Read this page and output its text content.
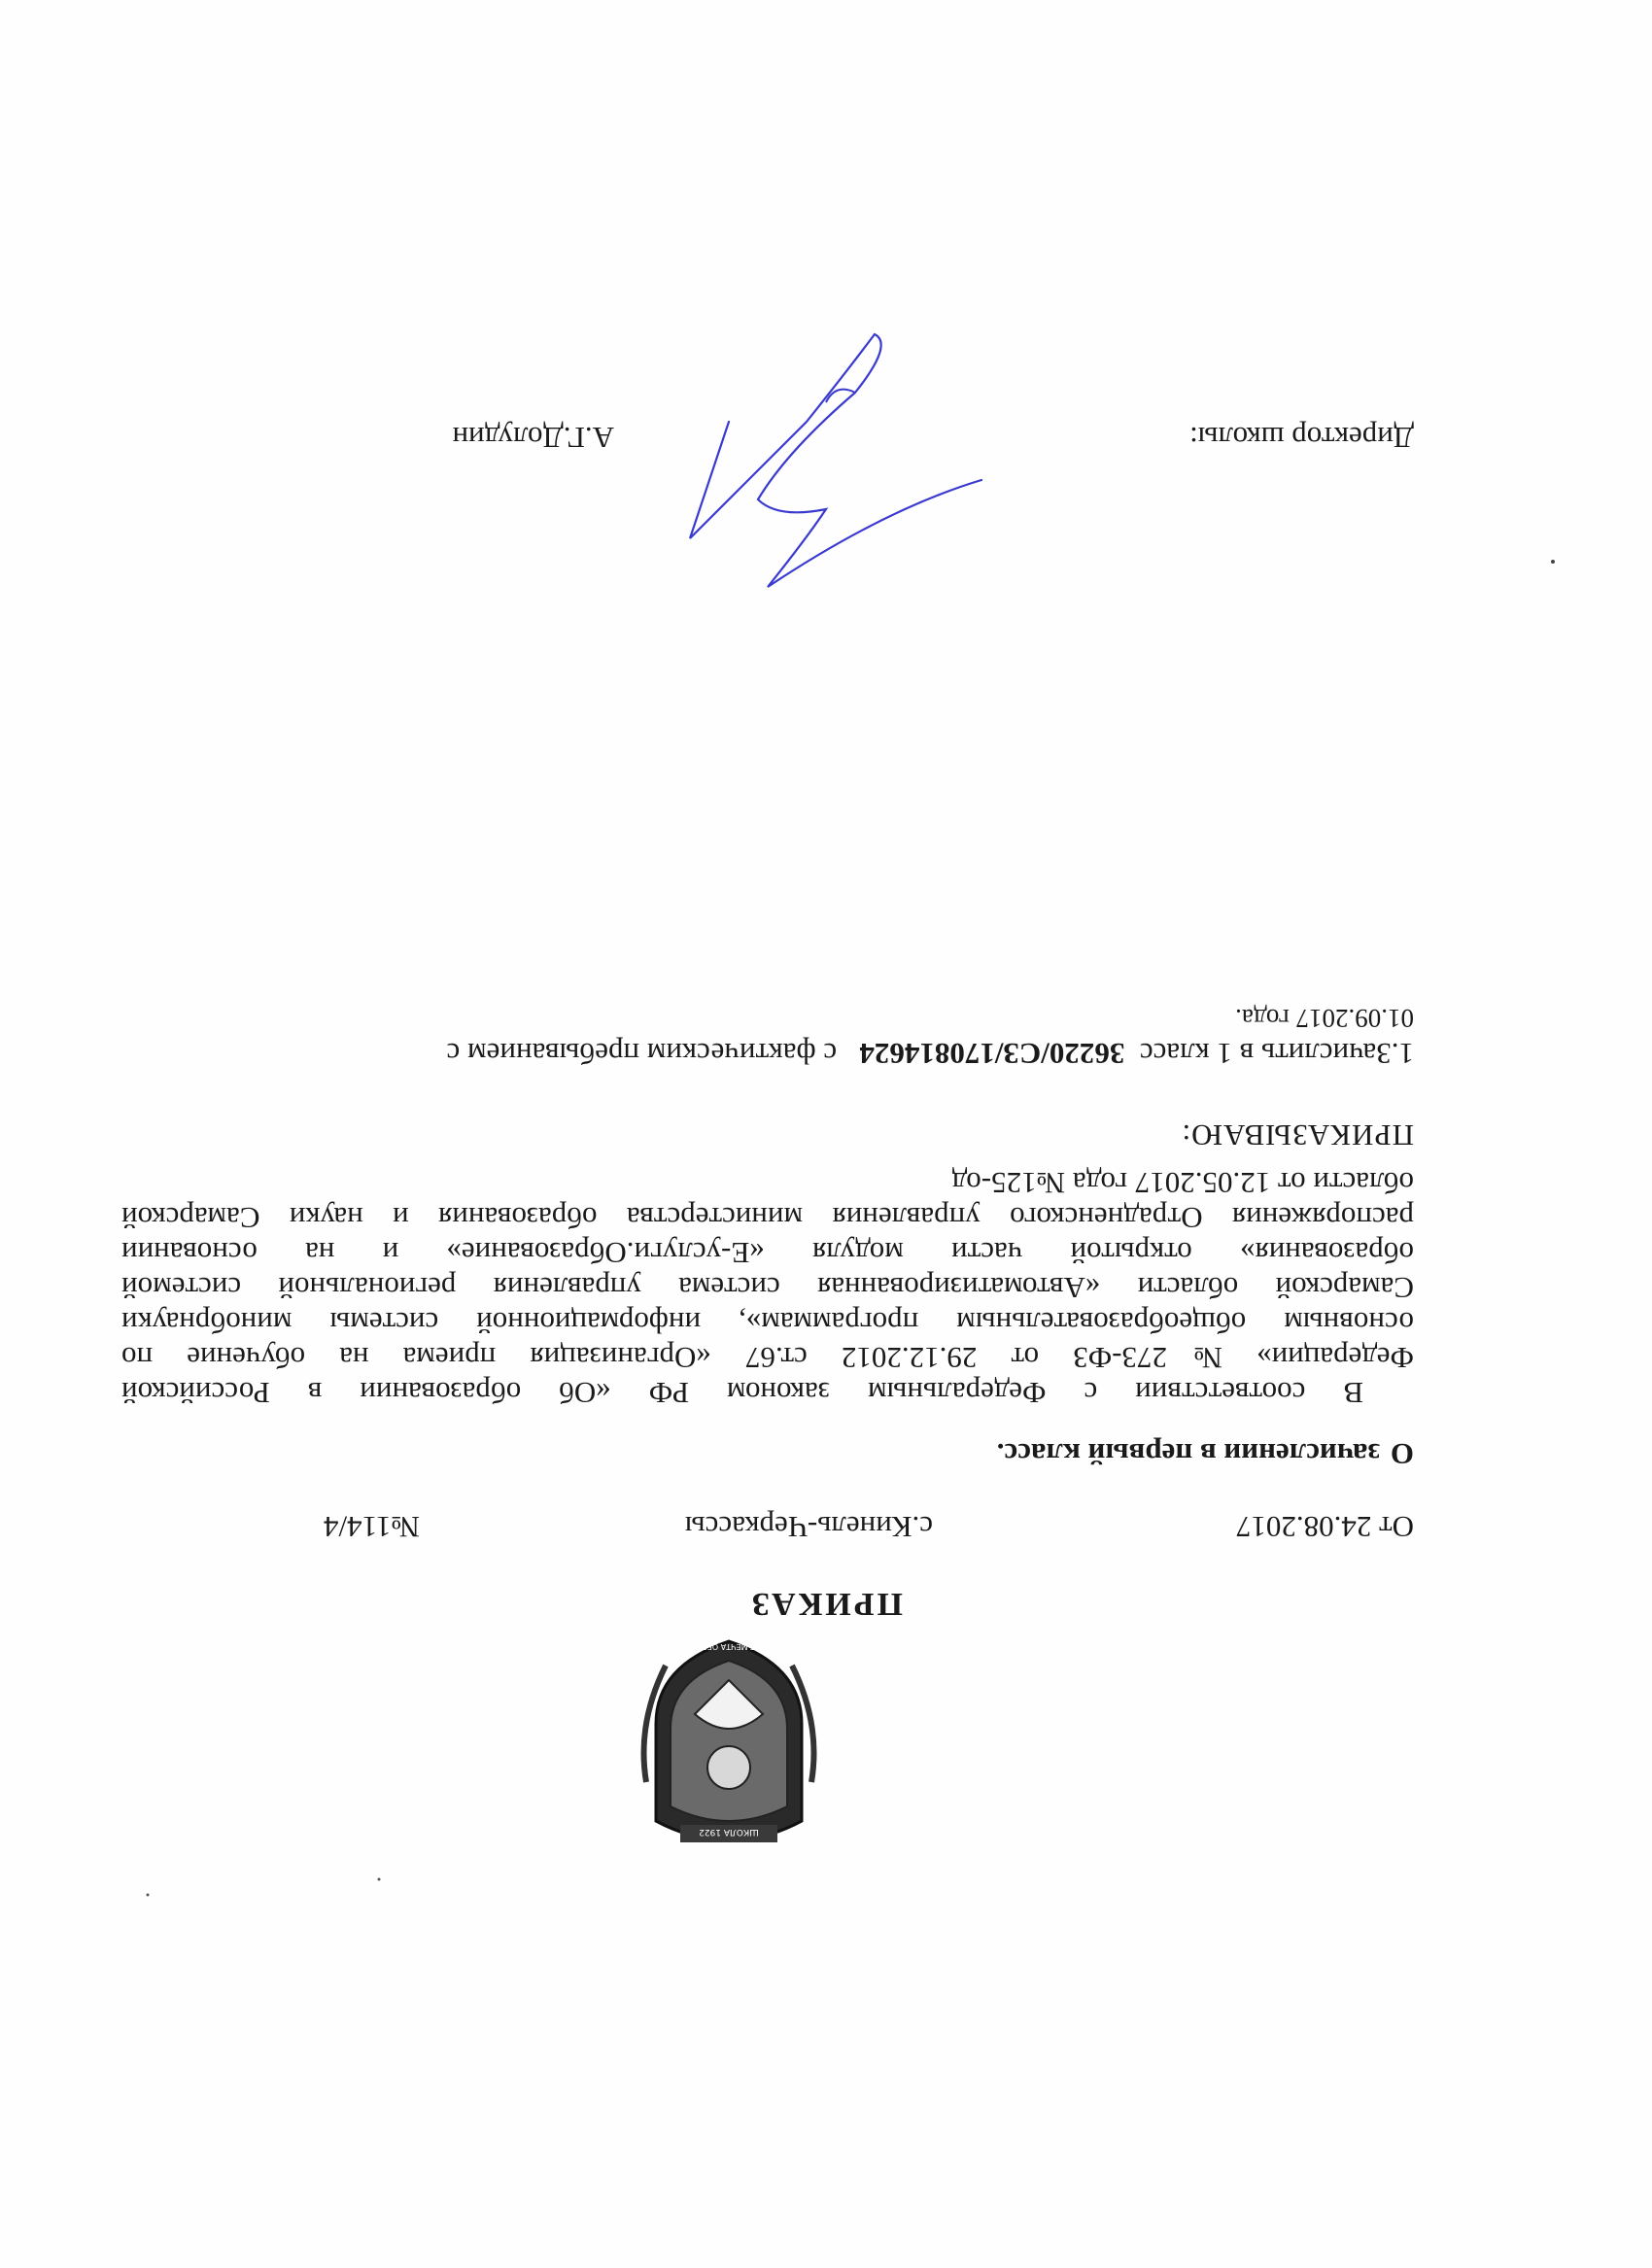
ШКОЛА 1922
РОБОТ МЕЧТА ОБРАЗОВ
ПРИКАЗ
От 24.08.2017
с.Кинель-Черкассы
№114/4
О
зачислении в первый класс.
В соответствии с Федеральным законом РФ «Об образовании в Российской
Федерации» №273-ФЗ от 29.12.2012 ст.67 «Организация приема на обучение по
основным общеобразовательным программам», информационной системы минобрнауки
Самарской области «Автоматизированная система управления региональной системой
образования» открытой части модуля «Е-услуги.Образование» и на основании
распоряжения Отрадненского управления министерства образования и науки Самарской
области от 12.05.2017 года №125-од
ПРИКАЗЫВАЮ:
1.Зачислить в 1 класс  36220/СЗ/170814624   с фактическим пребыванием с
01.09.2017 года.
Директор школы:
А.Г.Долудин
